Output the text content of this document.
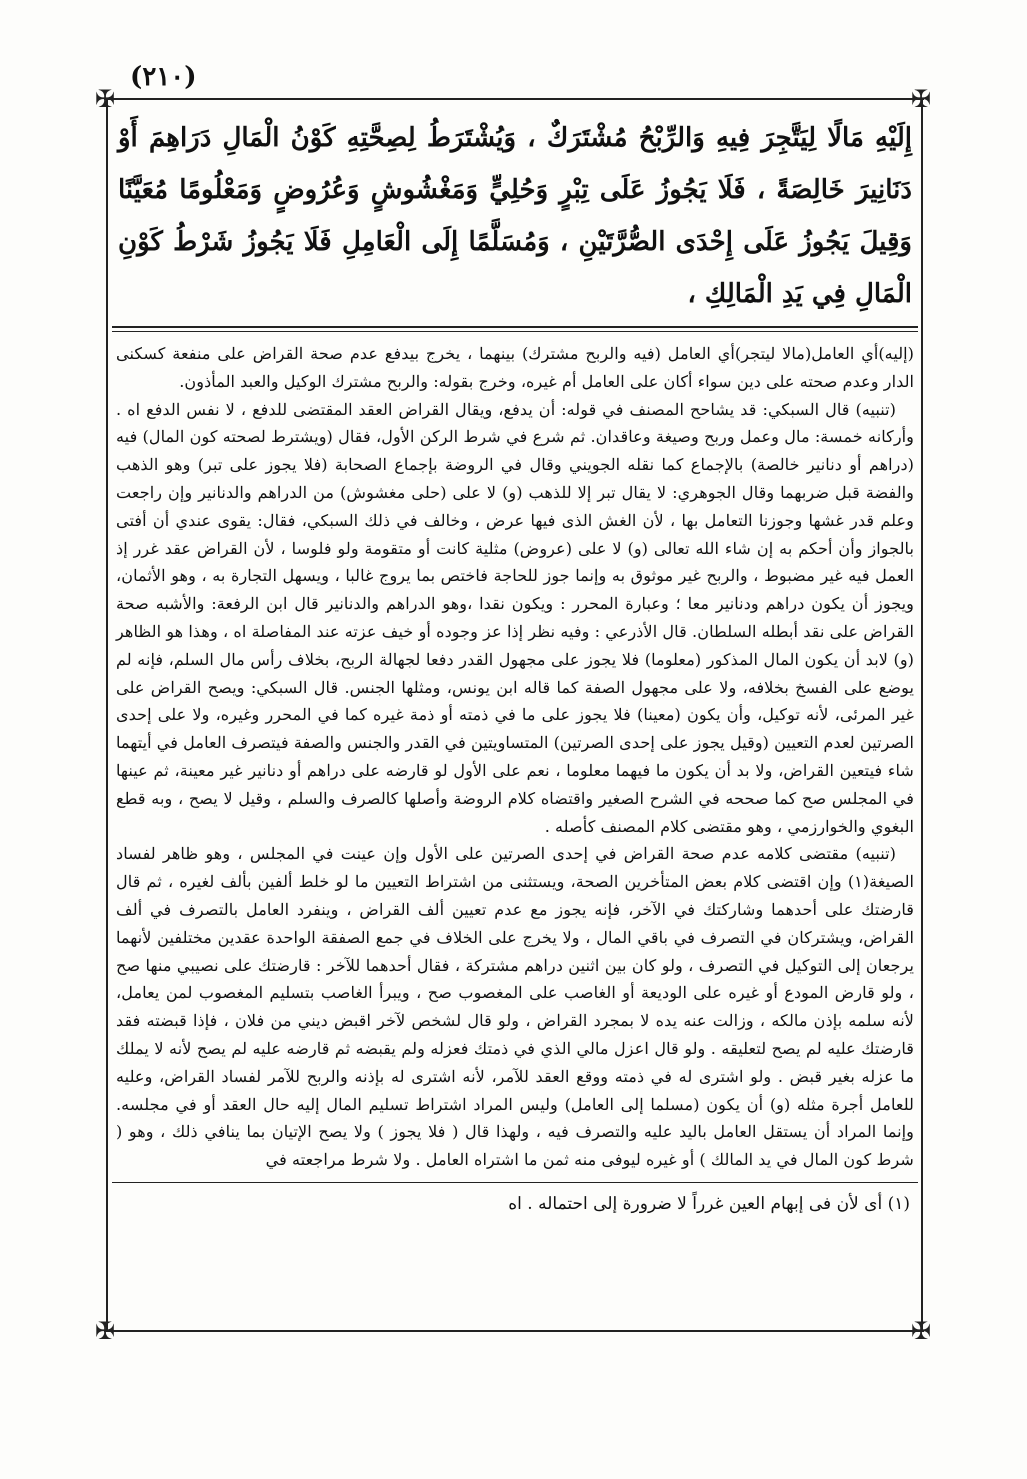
(٢١٠)
✠	✠
✠	✠
إِلَيْهِ مَالًا لِيَتَّجِرَ فِيهِ وَالرِّبْحُ مُشْتَرَكٌ ، وَيُشْتَرَطُ لِصِحَّتِهِ كَوْنُ الْمَالِ دَرَاهِمَ أَوْ دَنَانِيرَ خَالِصَةً ، فَلَا يَجُوزُ عَلَى تِبْرٍ وَحُلِيٍّ وَمَغْشُوشٍ وَعُرُوضٍ وَمَعْلُومًا مُعَيَّنًا وَقِيلَ يَجُوزُ عَلَى إِحْدَى الصُّرَّتَيْنِ ، وَمُسَلَّمًا إِلَى الْعَامِلِ فَلَا يَجُوزُ شَرْطُ كَوْنِ الْمَالِ فِي يَدِ الْمَالِكِ ،

(إليه)أي العامل(مالا ليتجر)أي العامل (فيه والربح مشترك) بينهما ، يخرج بيدفع عدم صحة القراض على منفعة كسكنى الدار وعدم صحته على دين سواء أكان على العامل أم غيره، وخرج بقوله: والربح مشترك الوكيل والعبد المأذون.

(تنبيه) قال السبكي: قد يشاحح المصنف في قوله: أن يدفع، ويقال القراض العقد المقتضى للدفع ، لا نفس الدفع اه . وأركانه خمسة: مال وعمل وربح وصيغة وعاقدان. ثم شرع في شرط الركن الأول، فقال (ويشترط لصحته كون المال) فيه (دراهم أو دنانير خالصة) بالإجماع كما نقله الجويني وقال في الروضة بإجماع الصحابة (فلا يجوز على تبر) وهو الذهب والفضة قبل ضربهما وقال الجوهري: لا يقال تبر إلا للذهب (و) لا على (حلى مغشوش) من الدراهم والدنانير وإن راجعت وعلم قدر غشها وجوزنا التعامل بها ، لأن الغش الذى فيها عرض ، وخالف في ذلك السبكي، فقال: يقوى عندي أن أفتى بالجواز وأن أحكم به إن شاء الله تعالى (و) لا على (عروض) مثلية كانت أو متقومة ولو فلوسا ، لأن القراض عقد غرر إذ العمل فيه غير مضبوط ، والربح غير موثوق به وإنما جوز للحاجة فاختص بما يروج غالبا ، ويسهل التجارة به ، وهو الأثمان، ويجوز أن يكون دراهم ودنانير معا ؛ وعبارة المحرر : ويكون نقدا ،وهو الدراهم والدنانير قال ابن الرفعة: والأشبه صحة القراض على نقد أبطله السلطان. قال الأذرعي : وفيه نظر إذا عز وجوده أو خيف عزته عند المفاصلة اه ، وهذا هو الظاهر (و) لابد أن يكون المال المذكور (معلوما) فلا يجوز على مجهول القدر دفعا لجهالة الربح، بخلاف رأس مال السلم، فإنه لم يوضع على الفسخ بخلافه، ولا على مجهول الصفة كما قاله ابن يونس، ومثلها الجنس. قال السبكي: ويصح القراض على غير المرئى، لأنه توكيل، وأن يكون (معينا) فلا يجوز على ما في ذمته أو ذمة غيره كما في المحرر وغيره، ولا على إحدى الصرتين لعدم التعيين (وقيل يجوز على إحدى الصرتين) المتساويتين في القدر والجنس والصفة فيتصرف العامل في أيتهما شاء فيتعين القراض، ولا بد أن يكون ما فيهما معلوما ، نعم على الأول لو قارضه على دراهم أو دنانير غير معينة، ثم عينها في المجلس صح كما صححه في الشرح الصغير واقتضاه كلام الروضة وأصلها كالصرف والسلم ، وقيل لا يصح ، وبه قطع البغوي والخوارزمي ، وهو مقتضى كلام المصنف كأصله .

(تنبيه) مقتضى كلامه عدم صحة القراض في إحدى الصرتين على الأول وإن عينت في المجلس ، وهو ظاهر لفساد الصيغة(١) وإن اقتضى كلام بعض المتأخرين الصحة، ويستثنى من اشتراط التعيين ما لو خلط ألفين بألف لغيره ، ثم قال قارضتك على أحدهما وشاركتك في الآخر، فإنه يجوز مع عدم تعيين ألف القراض ، وينفرد العامل بالتصرف في ألف القراض، ويشتركان في التصرف في باقي المال ، ولا يخرج على الخلاف في جمع الصفقة الواحدة عقدين مختلفين لأنهما يرجعان إلى التوكيل في التصرف ، ولو كان بين اثنين دراهم مشتركة ، فقال أحدهما للآخر : قارضتك على نصيبي منها صح ، ولو قارض المودع أو غيره على الوديعة أو الغاصب على المغصوب صح ، ويبرأ الغاصب بتسليم المغصوب لمن يعامل، لأنه سلمه بإذن مالكه ، وزالت عنه يده لا بمجرد القراض ، ولو قال لشخص لآخر اقبض ديني من فلان ، فإذا قبضته فقد قارضتك عليه لم يصح لتعليقه . ولو قال اعزل مالي الذي في ذمتك فعزله ولم يقبضه ثم قارضه عليه لم يصح لأنه لا يملك ما عزله بغير قبض . ولو اشترى له في ذمته ووقع العقد للآمر، لأنه اشترى له بإذنه والربح للآمر لفساد القراض، وعليه للعامل أجرة مثله (و) أن يكون (مسلما إلى العامل) وليس المراد اشتراط تسليم المال إليه حال العقد أو في مجلسه. وإنما المراد أن يستقل العامل باليد عليه والتصرف فيه ، ولهذا قال ( فلا يجوز ) ولا يصح الإتيان بما ينافي ذلك ، وهو ( شرط كون المال في يد المالك ) أو غيره ليوفى منه ثمن ما اشتراه العامل . ولا شرط مراجعته في

(١) أى لأن فى إبهام العين غرراً لا ضرورة إلى احتماله . اه
